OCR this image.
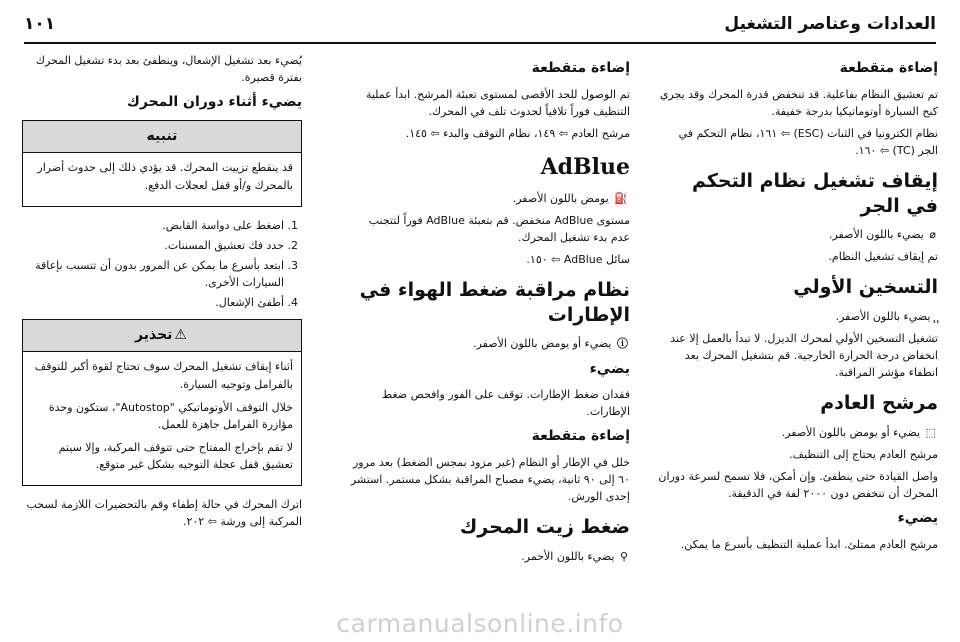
العدادات وعناصر التشغيل
١٠١
إضاءة متقطعة

تم تعشيق النظام بفاعلية. قد تنخفض قدرة المحرك وقد يجري كبح السيارة أوتوماتيكيا بدرجة خفيفة.

نظام الكترونيا في الثبات (ESC) ⇦ ١٦١، نظام التحكم في الجر (TC) ⇦ ١٦٠.

إيقاف تشغيل نظام التحكم في الجر

⌀ يضيء باللون الأصفر.

تم إيقاف تشغيل النظام.

التسخين الأولي

يضيء باللون الأصفر.

تشغيل التسخين الأولي لمحرك الديزل. لا تبدأ بالعمل إلا عند انخفاض درجة الحرارة الخارجية. قم بتشغيل المحرك بعد انطفاء مؤشر المراقبة.

مرشح العادم

⬚ يضيء أو يومض باللون الأصفر.

مرشح العادم يحتاج إلى التنظيف.

واصل القيادة حتى ينطفئ. وإن أمكن، فلا تسمح لسرعة دوران المحرك أن تنخفض دون ٢٠٠٠ لفة في الدقيقة.

يضيء

مرشح العادم ممتلئ. ابدأ عملية التنظيف بأسرع ما يمكن.

إضاءة متقطعة

تم الوصول للحد الأقصى لمستوى تعبئة المرشح. ابدأ عملية التنظيف فوراً تلافياً لحدوث تلف في المحرك.

مرشح العادم ⇦ ١٤٩، نظام التوقف والبدء ⇦ ١٤٥.

AdBlue

⛽ يومض باللون الأصفر.

مستوى AdBlue منخفض. قم بتعبئة AdBlue فوراً لتتجنب عدم بدء تشغيل المحرك.

سائل AdBlue ⇦ ١٥٠.

نظام مراقبة ضغط الهواء في الإطارات

ⓘ يضيء أو يومض باللون الأصفر.

يضيء

فقدان ضغط الإطارات. توقف على الفور وافحص ضغط الإطارات.

إضاءة متقطعة

خلل في الإطار أو النظام (غير مزود بمجس الضغط) بعد مرور ٦٠ إلى ٩٠ ثانية، يضيء مصباح المراقبة بشكل مستمر. استشر إحدى الورش.

ضغط زيت المحرك

⚲ يضيء باللون الأحمر.

يُضيء بعد تشغيل الإشعال، وينطفئ بعد بدء تشغيل المحرك بفترة قصيرة.

يضيء أثناء دوران المحرك
تنبيه

قد ينقطع تزييت المحرك. قد يؤدي ذلك إلى حدوث أضرار بالمحرك و/أو قفل لعجلات الدفع.

1. اضغط على دواسة القابض.
2. حدد فك تعشيق المسننات.
3. ابتعد بأسرع ما يمكن عن المرور بدون أن تتسبب بإعاقة السيارات الأخرى.
4. أطفئ الإشعال.
⚠تحذير

أثناء إيقاف تشغيل المحرك سوف تحتاج لقوة أكبر للتوقف بالفرامل وتوجيه السيارة.

خلال التوقف الأوتوماتيكي "Autostop"، ستكون وحدة مؤازرة الفرامل جاهزة للعمل.

لا تقم بإخراج المفتاح حتى تتوقف المركبة، وإلا سيتم تعشيق قفل عجلة التوجيه بشكل غير متوقع.

اترك المحرك في حالة إطفاء وقم بالتحضيرات اللازمة لسحب المركبة إلى ورشة ⇦ ٢٠٢.

carmanualsonline.info
